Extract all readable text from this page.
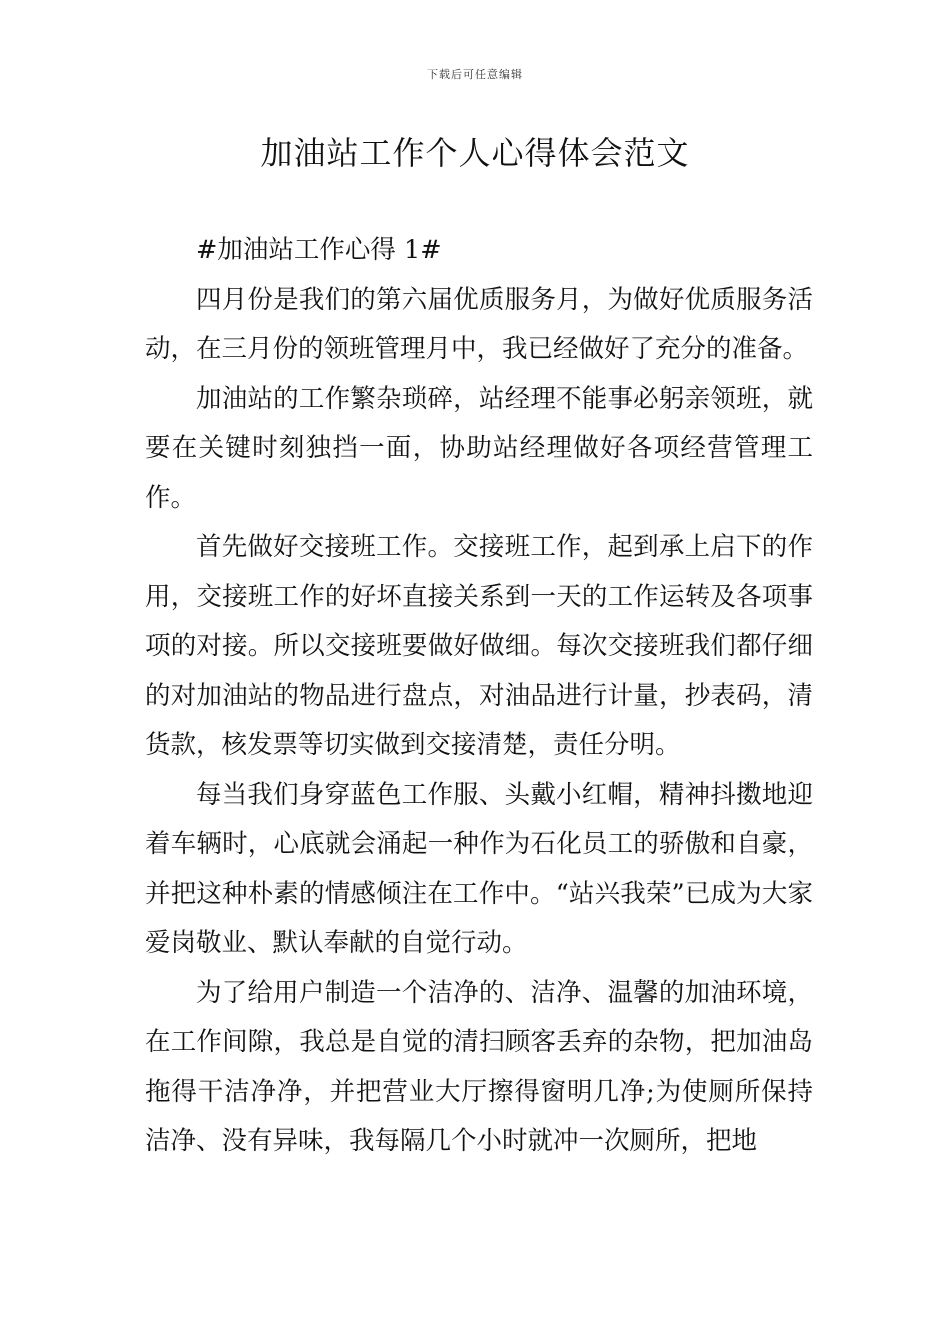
下载后可任意编辑
加油站工作个人心得体会范文

#加油站工作心得 1#

四月份是我们的第六届优质服务月，为做好优质服务活动，在三月份的领班管理月中，我已经做好了充分的准备。

加油站的工作繁杂琐碎，站经理不能事必躬亲领班，就要在关键时刻独挡一面，协助站经理做好各项经营管理工作。

首先做好交接班工作。交接班工作，起到承上启下的作用，交接班工作的好坏直接关系到一天的工作运转及各项事项的对接。所以交接班要做好做细。每次交接班我们都仔细的对加油站的物品进行盘点，对油品进行计量，抄表码，清货款，核发票等切实做到交接清楚，责任分明。

每当我们身穿蓝色工作服、头戴小红帽，精神抖擞地迎着车辆时，心底就会涌起一种作为石化员工的骄傲和自豪，并把这种朴素的情感倾注在工作中。“站兴我荣”已成为大家爱岗敬业、默认奉献的自觉行动。

为了给用户制造一个洁净的、洁净、温馨的加油环境，在工作间隙，我总是自觉的清扫顾客丢弃的杂物，把加油岛拖得干洁净净，并把营业大厅擦得窗明几净;为使厕所保持洁净、没有异味，我每隔几个小时就冲一次厕所，把地
